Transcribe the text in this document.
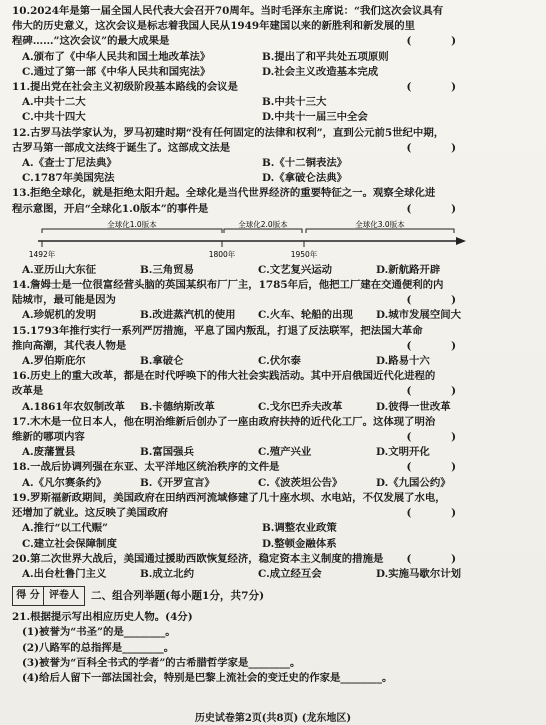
10.2024年是第一届全国人民代表大会召开70周年。当时毛泽东主席说：“我们这次会议具有
伟大的历史意义，这次会议是标志着我国人民从1949年建国以来的新胜利和新发展的里
程碑……”这次会议”的最大成果是	( )
A.颁布了《中华人民共和国土地改革法》	B.提出了和平共处五项原则
C.通过了第一部《中华人民共和国宪法》	D.社会主义改造基本完成
11.提出党在社会主义初级阶段基本路线的会议是	( )
A.中共十二大	B.中共十三大
C.中共十四大	D.中共十一届三中全会
12.古罗马法学家认为，罗马初建时期“没有任何固定的法律和权利”，直到公元前5世纪中期，
古罗马第一部成文法终于诞生了。这部成文法是	( )
A.《查士丁尼法典》	B.《十二铜表法》
C.1787年美国宪法	D.《拿破仑法典》
13.拒绝全球化，就是拒绝太阳升起。全球化是当代世界经济的重要特征之一。观察全球化进
程示意图，开启“全球化1.0版本”的事件是	( )
全球化1.0版本	全球化2.0版本	全球化3.0版本
1492年	1800年	1950年
A.亚历山大东征	B.三角贸易	C.文艺复兴运动	D.新航路开辟
14.詹姆士是一位很富经营头脑的英国某织布厂厂主，1785年后，他把工厂建在交通便利的内
陆城市，最可能是因为	( )
A.珍妮机的发明	B.改进蒸汽机的使用	C.火车、轮船的出现	D.城市发展空间大
15.1793年推行实行一系列严厉措施，平息了国内叛乱，打退了反法联军，把法国大革命
推向高潮，其代表人物是	( )
A.罗伯斯庇尔	B.拿破仑	C.伏尔泰	D.路易十六
16.历史上的重大改革，都是在时代呼唤下的伟大社会实践活动。其中开启俄国近代化进程的
改革是	( )
A.1861年农奴制改革	B.卡德纳斯改革	C.戈尔巴乔夫改革	D.彼得一世改革
17.木木是一位日本人，他在明治维新后创办了一座由政府扶持的近代化工厂。这体现了明治
维新的哪项内容	( )
A.废藩置县	B.富国强兵	C.殖产兴业	D.文明开化
18.一战后协调列强在东亚、太平洋地区统治秩序的文件是	( )
A.《凡尔赛条约》	B.《开罗宣言》	C.《波茨坦公告》	D.《九国公约》
19.罗斯福新政期间，美国政府在田纳西河流域修建了几十座水坝、水电站，不仅发展了水电，
还增加了就业。这反映了美国政府	( )
A.推行“以工代赈”	B.调整农业政策
C.建立社会保障制度	D.整顿金融体系
20.第二次世界大战后，美国通过援助西欧恢复经济，稳定资本主义制度的措施是 ( )
A.出台杜鲁门主义	B.成立北约	C.成立经互会	D.实施马歇尔计划
得 分 评卷人	二、组合列举题(每小题1分，共7分)
21.根据提示写出相应历史人物。(4分)
(1)被誉为“书圣”的是________。
(2)八路军的总指挥是________。
(3)被誉为“百科全书式的学者”的古希腊哲学家是________。
(4)给后人留下一部法国社会，特别是巴黎上流社会的变迁史的作家是________。
历史试卷第2页(共8页) (龙东地区)
